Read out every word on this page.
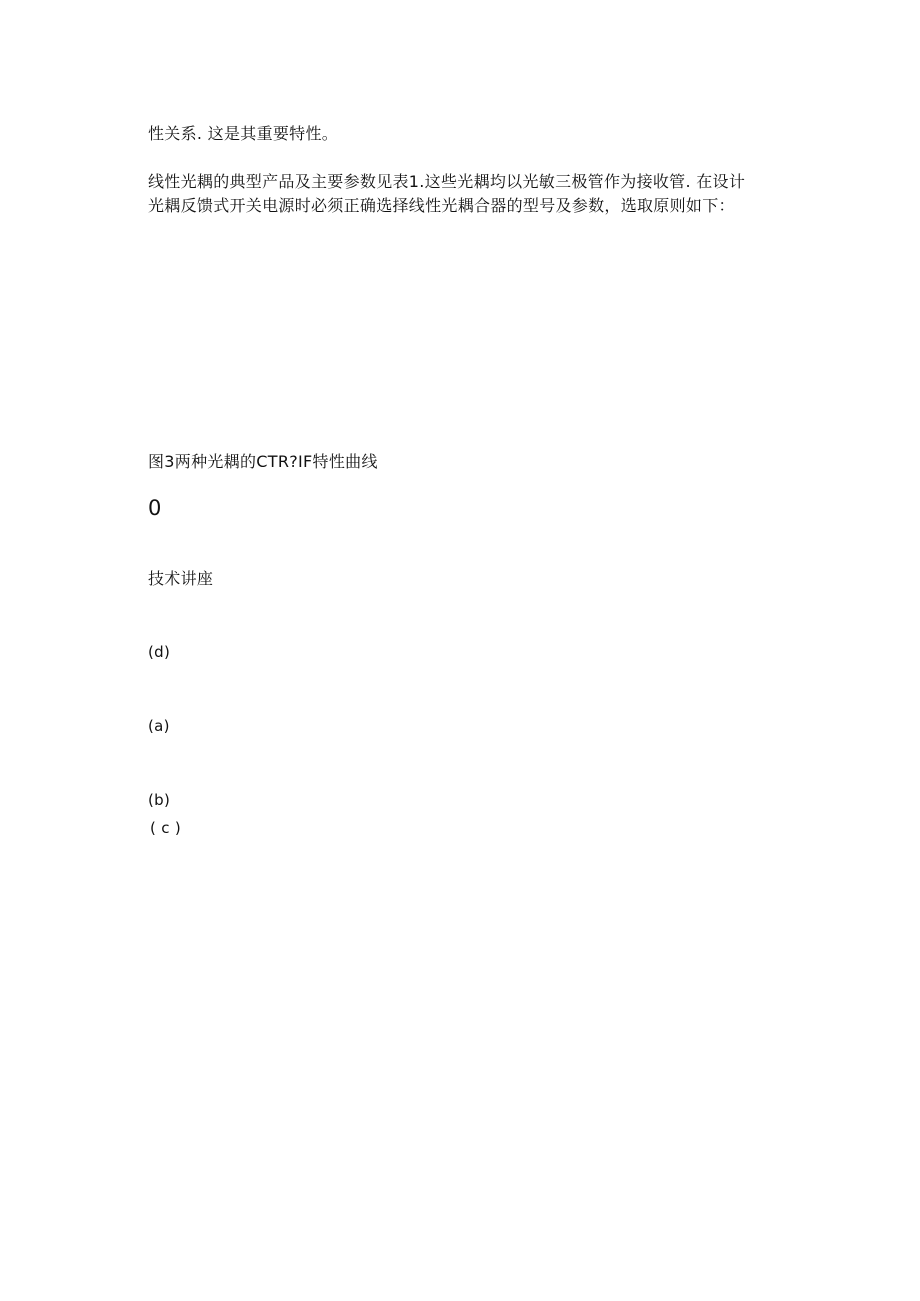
性关系. 这是其重要特性。

线性光耦的典型产品及主要参数见表1.这些光耦均以光敏三极管作为接收管. 在设计

光耦反馈式开关电源时必须正确选择线性光耦合器的型号及参数，选取原则如下：

图3两种光耦的CTR?IF特性曲线

0

技术讲座

(d)

(a)

(b)

( c )
